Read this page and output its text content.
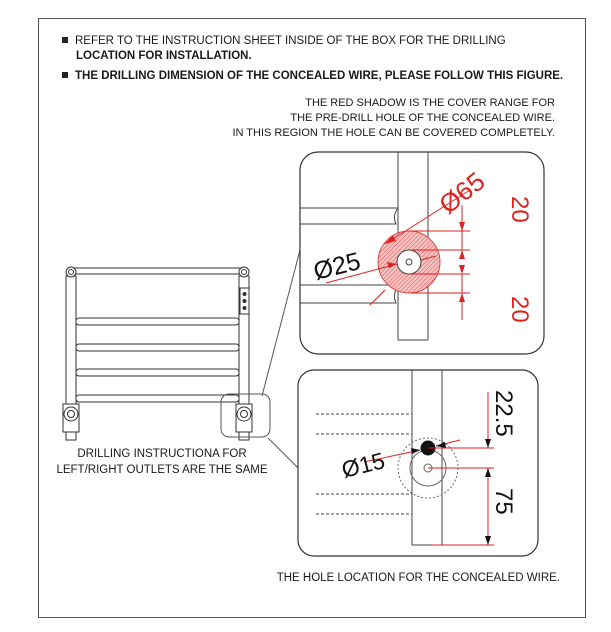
REFER TO THE INSTRUCTION SHEET INSIDE OF THE BOX FOR THE DRILLING
LOCATION FOR INSTALLATION.
THE DRILLING DIMENSION OF THE CONCEALED WIRE, PLEASE FOLLOW THIS FIGURE.
THE RED SHADOW IS THE COVER RANGE FOR
THE PRE-DRILL HOLE OF THE CONCEALED WIRE.
IN THIS REGION THE HOLE CAN BE COVERED COMPLETELY.
Ø65
Ø25
20
20
Ø15
22.5
75
DRILLING INSTRUCTIONA FOR
LEFT/RIGHT OUTLETS ARE THE SAME
THE HOLE LOCATION FOR THE CONCEALED WIRE.
